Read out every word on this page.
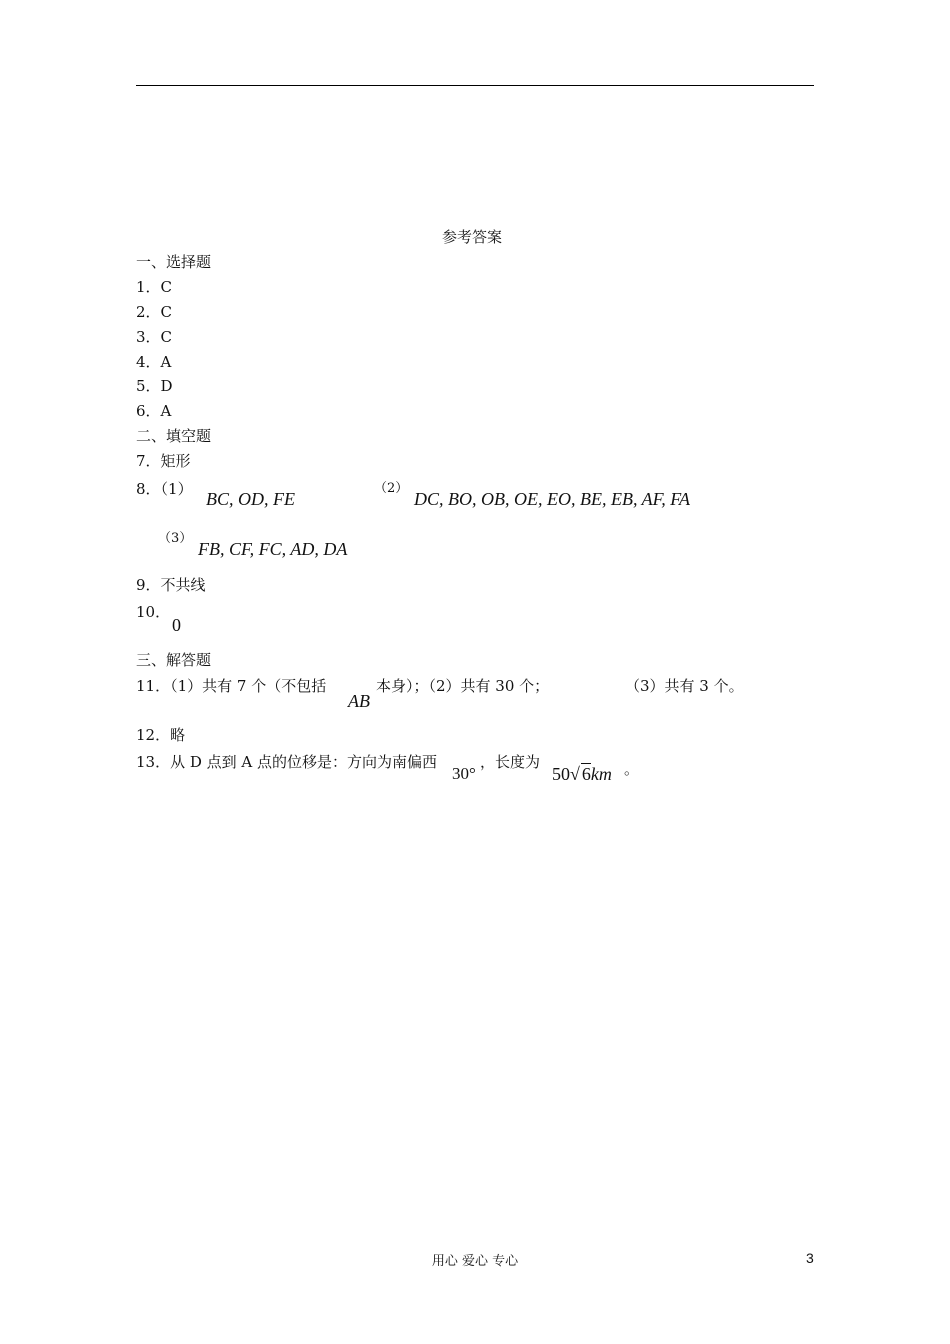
参考答案
一、选择题
1．C
2．C
3．C
4．A
5．D
6．A
二、填空题
7．矩形
8．（1） BC, OD, FE
（2）
DC, BO, OB, OE, EO, BE, EB, AF, FA
（3）
FB, CF, FC, AD, DA
9．不共线
10．
0
三、解答题
11．（1）共有 7 个（不包括
AB
本身）；（2）共有 30 个；	（3）共有 3 个。
12．略
13．从 D 点到 A 点的位移是：方向为南偏西
30°
，长度为
50√ 6km 。
用心 爱心 专心	3
